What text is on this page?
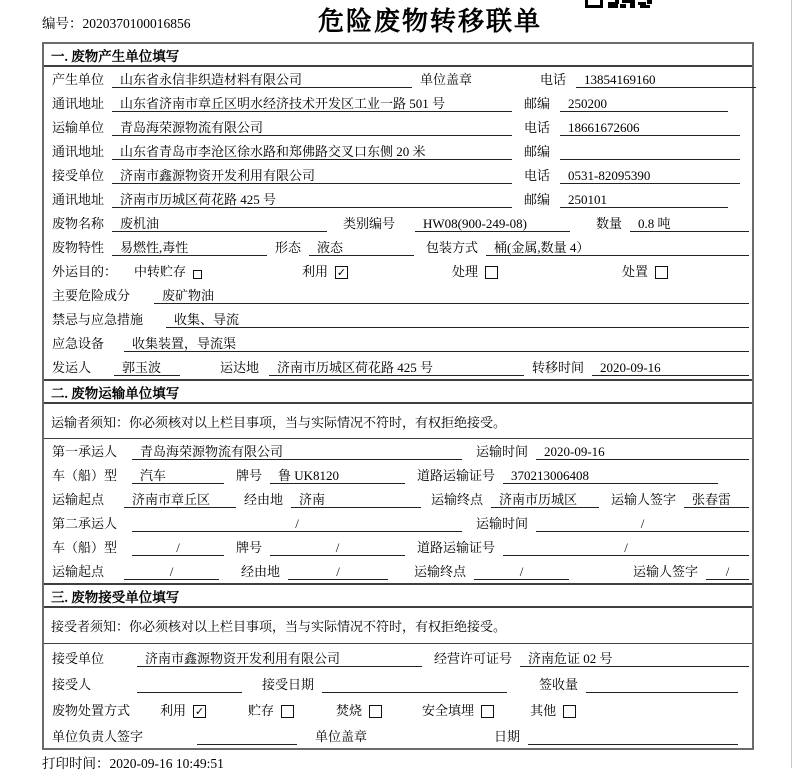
编号：2020370100016856	危险废物转移联单
一. 废物产生单位填写
产生单位	山东省永信非织造材料有限公司	单位盖章	电话	13854169160
通讯地址	山东省济南市章丘区明水经济技术开发区工业一路 501 号	邮编	250200
运输单位	青岛海荣源物流有限公司	电话	18661672606
通讯地址	山东省青岛市李沧区徐水路和郑佛路交叉口东侧 20 米	邮编
接受单位	济南市鑫源物资开发利用有限公司	电话	0531-82095390
通讯地址	济南市历城区荷花路 425 号	邮编	250101
废物名称	废机油	类别编号	HW08(900-249-08)	数量	0.8 吨
废物特性	易燃性,毒性	形态	液态	包装方式	桶(金属,数量 4）
外运目的：	中转贮存	利用 ✓	处理	处置
主要危险成分	废矿物油
禁忌与应急措施	收集、导流
应急设备	收集装置，导流渠
发运人	郭玉波	运达地	济南市历城区荷花路 425 号	转移时间	2020-09-16
二. 废物运输单位填写
运输者须知：你必须核对以上栏目事项，当与实际情况不符时，有权拒绝接受。
第一承运人	青岛海荣源物流有限公司	运输时间	2020-09-16
车（船）型	汽车	牌号	鲁 UK8120	道路运输证号	370213006408
运输起点	济南市章丘区	经由地	济南	运输终点	济南市历城区	运输人签字	张春雷
第二承运人	/	运输时间	/
车（船）型	/	牌号	/	道路运输证号	/
运输起点	/	经由地	/	运输终点	/	运输人签字	/
三. 废物接受单位填写
接受者须知：你必须核对以上栏目事项，当与实际情况不符时，有权拒绝接受。
接受单位	济南市鑫源物资开发利用有限公司	经营许可证号	济南危证 02 号
接受人	接受日期	签收量
废物处置方式	利用 ✓	贮存	焚烧	安全填埋	其他
单位负责人签字	单位盖章	日期
打印时间：2020-09-16 10:49:51
